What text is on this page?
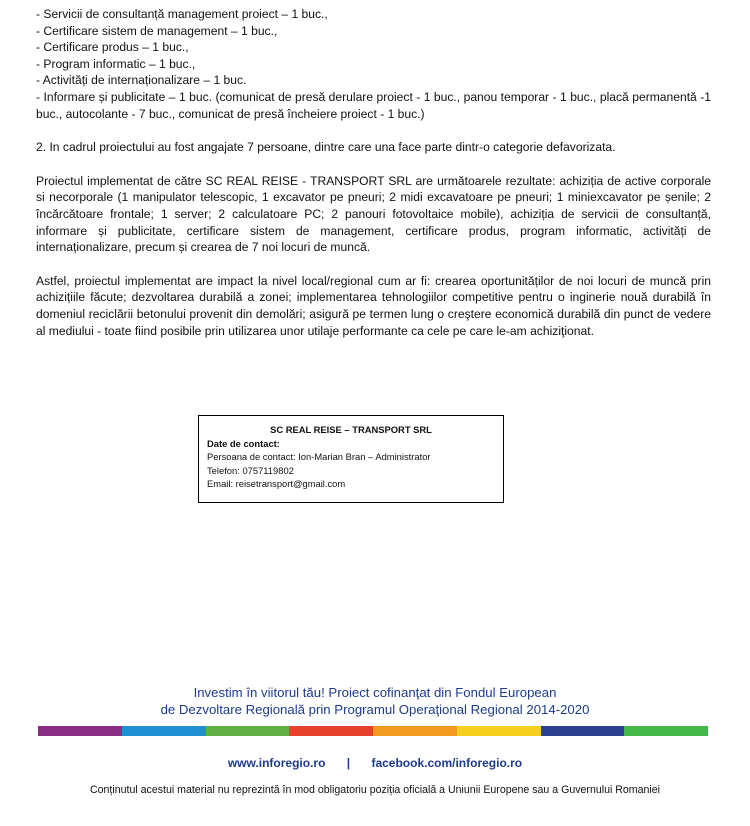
- Servicii de consultanță management proiect – 1 buc.,
- Certificare sistem de management – 1 buc.,
- Certificare produs – 1 buc.,
- Program informatic – 1 buc.,
- Activități de internaționalizare – 1 buc.

- Informare și publicitate – 1 buc. (comunicat de presă derulare proiect - 1 buc., panou temporar - 1 buc., placă permanentă -1 buc., autocolante - 7 buc., comunicat de presă încheiere proiect - 1 buc.)

2. In cadrul proiectului au fost angajate 7 persoane, dintre care una face parte dintr-o categorie defavorizata.

Proiectul implementat de către SC REAL REISE - TRANSPORT SRL are următoarele rezultate: achiziția de active corporale si necorporale (1 manipulator telescopic, 1 excavator pe pneuri; 2 midi excavatoare pe pneuri; 1 miniexcavator pe șenile; 2 încărcătoare frontale; 1 server; 2 calculatoare PC; 2 panouri fotovoltaice mobile), achiziția de servicii de consultanță, informare și publicitate, certificare sistem de management, certificare produs, program informatic, activități de internaționalizare, precum și crearea de 7 noi locuri de muncă.

Astfel, proiectul implementat are impact la nivel local/regional cum ar fi: crearea oportunităților de noi locuri de muncă prin achizițiile făcute; dezvoltarea durabilă a zonei; implementarea tehnologiilor competitive pentru o inginerie nouă durabilă în domeniul reciclării betonului provenit din demolări; asigură pe termen lung o creştere economică durabilă din punct de vedere al mediului - toate fiind posibile prin utilizarea unor utilaje performante ca cele pe care le-am achiziţionat.

SC REAL REISE – TRANSPORT SRL
Date de contact:
Persoana de contact: Ion-Marian Bran – Administrator
Telefon: 0757119802
Email: reisetransport@gmail.com
Investim în viitorul tău! Proiect cofinanţat din Fondul European
de Dezvoltare Regională prin Programul Operaţional Regional 2014-2020
www.inforegio.ro | facebook.com/inforegio.ro
Conținutul acestui material nu reprezintă în mod obligatoriu poziția oficială a Uniunii Europene sau a Guvernului Romaniei
